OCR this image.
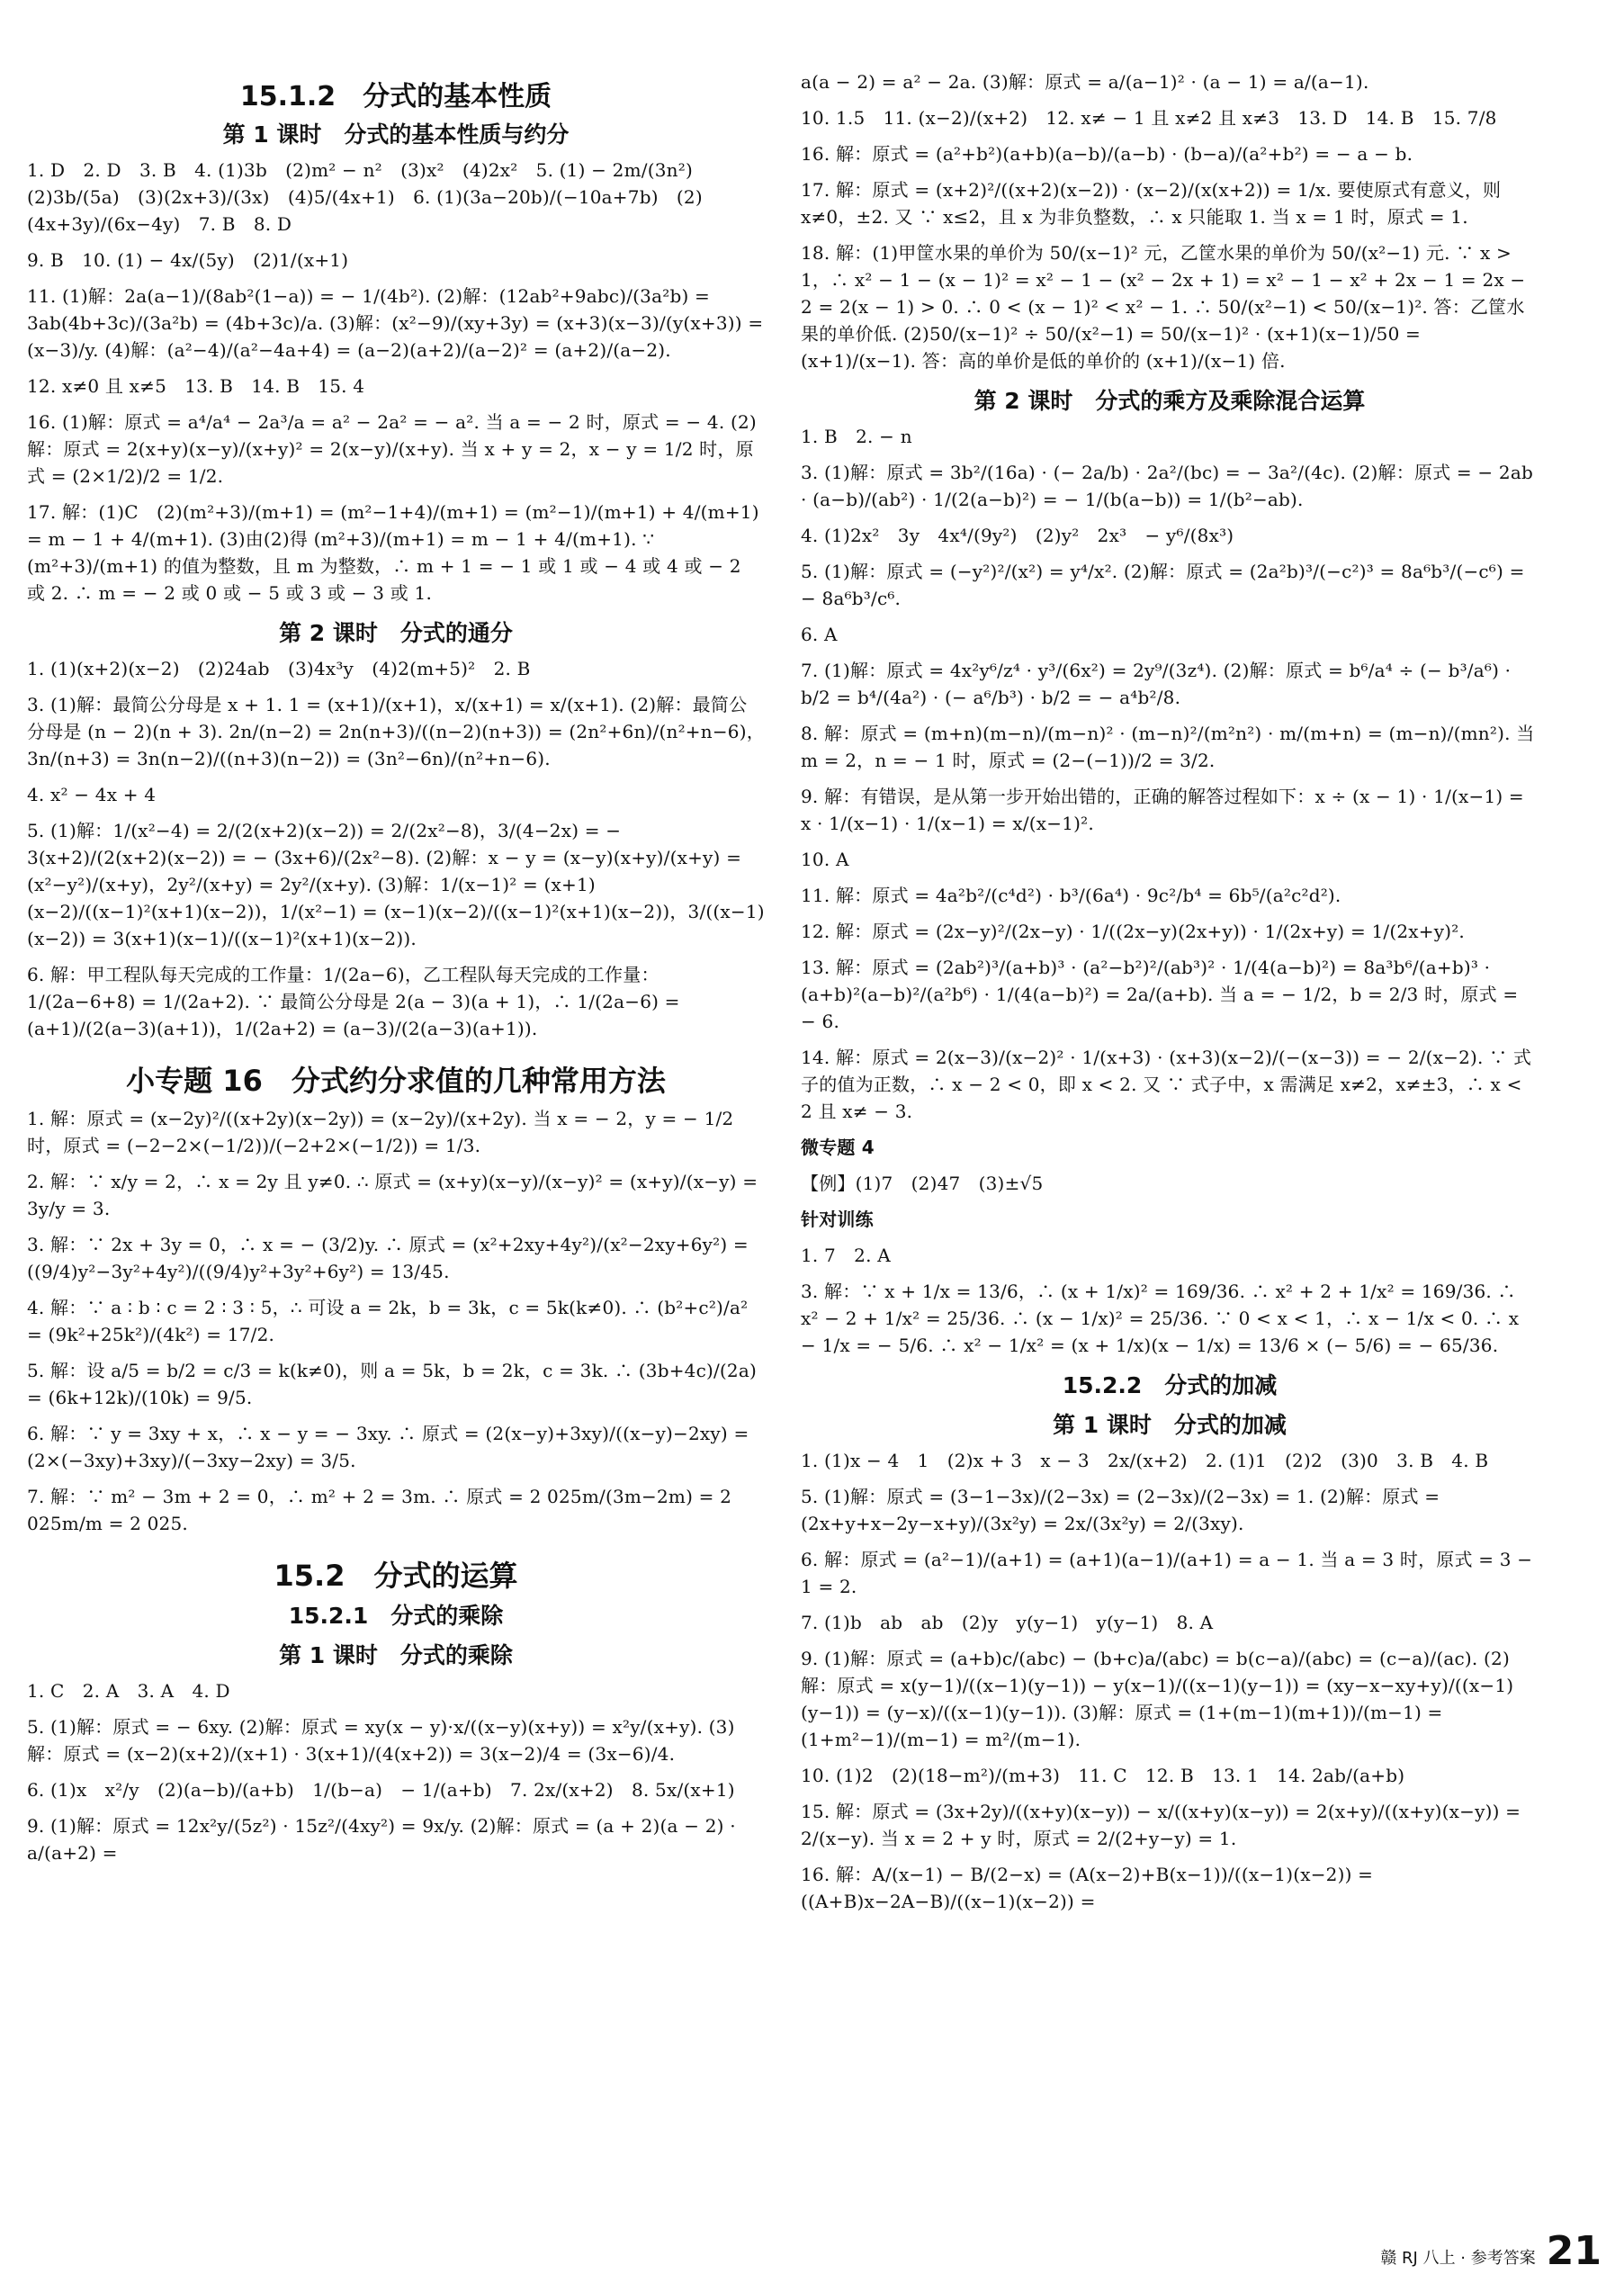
15.1.2　分式的基本性质
第 1 课时　分式的基本性质与约分
1. D　2. D　3. B　4. (1)3b　(2)m² − n²　(3)x²　(4)2x²　5. (1) − 2m/(3n²)　(2)3b/(5a)　(3)(2x+3)/(3x)　(4)5/(4x+1)　6. (1)(3a−20b)/(−10a+7b)　(2)(4x+3y)/(6x−4y)　7. B　8. D
9. B　10. (1) − 4x/(5y)　(2)1/(x+1)
11. (1)解：2a(a−1)/(8ab²(1−a)) = − 1/(4b²). (2)解：(12ab²+9abc)/(3a²b) = 3ab(4b+3c)/(3a²b) = (4b+3c)/a. (3)解：(x²−9)/(xy+3y) = (x+3)(x−3)/(y(x+3)) = (x−3)/y. (4)解：(a²−4)/(a²−4a+4) = (a−2)(a+2)/(a−2)² = (a+2)/(a−2).
12. x≠0 且 x≠5　13. B　14. B　15. 4
16. (1)解：原式 = a⁴/a⁴ − 2a³/a = a² − 2a² = − a². 当 a = − 2 时，原式 = − 4. (2)解：原式 = 2(x+y)(x−y)/(x+y)² = 2(x−y)/(x+y). 当 x + y = 2，x − y = 1/2 时，原式 = (2×1/2)/2 = 1/2.
17. 解：(1)C　(2)(m²+3)/(m+1) = (m²−1+4)/(m+1) = (m²−1)/(m+1) + 4/(m+1) = m − 1 + 4/(m+1). (3)由(2)得 (m²+3)/(m+1) = m − 1 + 4/(m+1). ∵ (m²+3)/(m+1) 的值为整数，且 m 为整数，∴ m + 1 = − 1 或 1 或 − 4 或 4 或 − 2 或 2. ∴ m = − 2 或 0 或 − 5 或 3 或 − 3 或 1.
第 2 课时　分式的通分
1. (1)(x+2)(x−2)　(2)24ab　(3)4x³y　(4)2(m+5)²　2. B
3. (1)解：最简公分母是 x + 1. 1 = (x+1)/(x+1)，x/(x+1) = x/(x+1). (2)解：最简公分母是 (n − 2)(n + 3). 2n/(n−2) = 2n(n+3)/((n−2)(n+3)) = (2n²+6n)/(n²+n−6)，3n/(n+3) = 3n(n−2)/((n+3)(n−2)) = (3n²−6n)/(n²+n−6).
4. x² − 4x + 4
5. (1)解：1/(x²−4) = 2/(2(x+2)(x−2)) = 2/(2x²−8)，3/(4−2x) = − 3(x+2)/(2(x+2)(x−2)) = − (3x+6)/(2x²−8). (2)解：x − y = (x−y)(x+y)/(x+y) = (x²−y²)/(x+y)，2y²/(x+y) = 2y²/(x+y). (3)解：1/(x−1)² = (x+1)(x−2)/((x−1)²(x+1)(x−2))，1/(x²−1) = (x−1)(x−2)/((x−1)²(x+1)(x−2))，3/((x−1)(x−2)) = 3(x+1)(x−1)/((x−1)²(x+1)(x−2)).
6. 解：甲工程队每天完成的工作量：1/(2a−6)，乙工程队每天完成的工作量：1/(2a−6+8) = 1/(2a+2). ∵ 最简公分母是 2(a − 3)(a + 1)，∴ 1/(2a−6) = (a+1)/(2(a−3)(a+1))，1/(2a+2) = (a−3)/(2(a−3)(a+1)).
小专题 16　分式约分求值的几种常用方法
1. 解：原式 = (x−2y)²/((x+2y)(x−2y)) = (x−2y)/(x+2y). 当 x = − 2，y = − 1/2 时，原式 = (−2−2×(−1/2))/(−2+2×(−1/2)) = 1/3.
2. 解：∵ x/y = 2，∴ x = 2y 且 y≠0. ∴ 原式 = (x+y)(x−y)/(x−y)² = (x+y)/(x−y) = 3y/y = 3.
3. 解：∵ 2x + 3y = 0，∴ x = − (3/2)y. ∴ 原式 = (x²+2xy+4y²)/(x²−2xy+6y²) = ((9/4)y²−3y²+4y²)/((9/4)y²+3y²+6y²) = 13/45.
4. 解：∵ a ∶ b ∶ c = 2 ∶ 3 ∶ 5，∴ 可设 a = 2k，b = 3k，c = 5k(k≠0). ∴ (b²+c²)/a² = (9k²+25k²)/(4k²) = 17/2.
5. 解：设 a/5 = b/2 = c/3 = k(k≠0)，则 a = 5k，b = 2k，c = 3k. ∴ (3b+4c)/(2a) = (6k+12k)/(10k) = 9/5.
6. 解：∵ y = 3xy + x，∴ x − y = − 3xy. ∴ 原式 = (2(x−y)+3xy)/((x−y)−2xy) = (2×(−3xy)+3xy)/(−3xy−2xy) = 3/5.
7. 解：∵ m² − 3m + 2 = 0，∴ m² + 2 = 3m. ∴ 原式 = 2 025m/(3m−2m) = 2 025m/m = 2 025.
15.2　分式的运算
15.2.1　分式的乘除
第 1 课时　分式的乘除
1. C　2. A　3. A　4. D
5. (1)解：原式 = − 6xy. (2)解：原式 = xy(x − y)·x/((x−y)(x+y)) = x²y/(x+y). (3)解：原式 = (x−2)(x+2)/(x+1) · 3(x+1)/(4(x+2)) = 3(x−2)/4 = (3x−6)/4.
6. (1)x　x²/y　(2)(a−b)/(a+b)　1/(b−a)　− 1/(a+b)　7. 2x/(x+2)　8. 5x/(x+1)
9. (1)解：原式 = 12x²y/(5z²) · 15z²/(4xy²) = 9x/y. (2)解：原式 = (a + 2)(a − 2) · a/(a+2) =
a(a − 2) = a² − 2a. (3)解：原式 = a/(a−1)² · (a − 1) = a/(a−1).
10. 1.5　11. (x−2)/(x+2)　12. x≠ − 1 且 x≠2 且 x≠3　13. D　14. B　15. 7/8
16. 解：原式 = (a²+b²)(a+b)(a−b)/(a−b) · (b−a)/(a²+b²) = − a − b.
17. 解：原式 = (x+2)²/((x+2)(x−2)) · (x−2)/(x(x+2)) = 1/x. 要使原式有意义，则 x≠0，±2. 又 ∵ x≤2，且 x 为非负整数，∴ x 只能取 1. 当 x = 1 时，原式 = 1.
18. 解：(1)甲筐水果的单价为 50/(x−1)² 元，乙筐水果的单价为 50/(x²−1) 元. ∵ x > 1，∴ x² − 1 − (x − 1)² = x² − 1 − (x² − 2x + 1) = x² − 1 − x² + 2x − 1 = 2x − 2 = 2(x − 1) > 0. ∴ 0 < (x − 1)² < x² − 1. ∴ 50/(x²−1) < 50/(x−1)². 答：乙筐水果的单价低. (2)50/(x−1)² ÷ 50/(x²−1) = 50/(x−1)² · (x+1)(x−1)/50 = (x+1)/(x−1). 答：高的单价是低的单价的 (x+1)/(x−1) 倍.
第 2 课时　分式的乘方及乘除混合运算
1. B　2. − n
3. (1)解：原式 = 3b²/(16a) · (− 2a/b) · 2a²/(bc) = − 3a²/(4c). (2)解：原式 = − 2ab · (a−b)/(ab²) · 1/(2(a−b)²) = − 1/(b(a−b)) = 1/(b²−ab).
4. (1)2x²　3y　4x⁴/(9y²)　(2)y²　2x³　− y⁶/(8x³)
5. (1)解：原式 = (−y²)²/(x²) = y⁴/x². (2)解：原式 = (2a²b)³/(−c²)³ = 8a⁶b³/(−c⁶) = − 8a⁶b³/c⁶.
6. A
7. (1)解：原式 = 4x²y⁶/z⁴ · y³/(6x²) = 2y⁹/(3z⁴). (2)解：原式 = b⁶/a⁴ ÷ (− b³/a⁶) · b/2 = b⁴/(4a²) · (− a⁶/b³) · b/2 = − a⁴b²/8.
8. 解：原式 = (m+n)(m−n)/(m−n)² · (m−n)²/(m²n²) · m/(m+n) = (m−n)/(mn²). 当 m = 2，n = − 1 时，原式 = (2−(−1))/2 = 3/2.
9. 解：有错误，是从第一步开始出错的，正确的解答过程如下：x ÷ (x − 1) · 1/(x−1) = x · 1/(x−1) · 1/(x−1) = x/(x−1)².
10. A
11. 解：原式 = 4a²b²/(c⁴d²) · b³/(6a⁴) · 9c²/b⁴ = 6b⁵/(a²c²d²).
12. 解：原式 = (2x−y)²/(2x−y) · 1/((2x−y)(2x+y)) · 1/(2x+y) = 1/(2x+y)².
13. 解：原式 = (2ab²)³/(a+b)³ · (a²−b²)²/(ab³)² · 1/(4(a−b)²) = 8a³b⁶/(a+b)³ · (a+b)²(a−b)²/(a²b⁶) · 1/(4(a−b)²) = 2a/(a+b). 当 a = − 1/2，b = 2/3 时，原式 = − 6.
14. 解：原式 = 2(x−3)/(x−2)² · 1/(x+3) · (x+3)(x−2)/(−(x−3)) = − 2/(x−2). ∵ 式子的值为正数，∴ x − 2 < 0，即 x < 2. 又 ∵ 式子中，x 需满足 x≠2，x≠±3，∴ x < 2 且 x≠ − 3.
微专题 4
【例】(1)7　(2)47　(3)±√5
针对训练
1. 7　2. A
3. 解：∵ x + 1/x = 13/6，∴ (x + 1/x)² = 169/36. ∴ x² + 2 + 1/x² = 169/36. ∴ x² − 2 + 1/x² = 25/36. ∴ (x − 1/x)² = 25/36. ∵ 0 < x < 1，∴ x − 1/x < 0. ∴ x − 1/x = − 5/6. ∴ x² − 1/x² = (x + 1/x)(x − 1/x) = 13/6 × (− 5/6) = − 65/36.
15.2.2　分式的加减
第 1 课时　分式的加减
1. (1)x − 4　1　(2)x + 3　x − 3　2x/(x+2)　2. (1)1　(2)2　(3)0　3. B　4. B
5. (1)解：原式 = (3−1−3x)/(2−3x) = (2−3x)/(2−3x) = 1. (2)解：原式 = (2x+y+x−2y−x+y)/(3x²y) = 2x/(3x²y) = 2/(3xy).
6. 解：原式 = (a²−1)/(a+1) = (a+1)(a−1)/(a+1) = a − 1. 当 a = 3 时，原式 = 3 − 1 = 2.
7. (1)b　ab　ab　(2)y　y(y−1)　y(y−1)　8. A
9. (1)解：原式 = (a+b)c/(abc) − (b+c)a/(abc) = b(c−a)/(abc) = (c−a)/(ac). (2)解：原式 = x(y−1)/((x−1)(y−1)) − y(x−1)/((x−1)(y−1)) = (xy−x−xy+y)/((x−1)(y−1)) = (y−x)/((x−1)(y−1)). (3)解：原式 = (1+(m−1)(m+1))/(m−1) = (1+m²−1)/(m−1) = m²/(m−1).
10. (1)2　(2)(18−m²)/(m+3)　11. C　12. B　13. 1　14. 2ab/(a+b)
15. 解：原式 = (3x+2y)/((x+y)(x−y)) − x/((x+y)(x−y)) = 2(x+y)/((x+y)(x−y)) = 2/(x−y). 当 x = 2 + y 时，原式 = 2/(2+y−y) = 1.
16. 解：A/(x−1) − B/(2−x) = (A(x−2)+B(x−1))/((x−1)(x−2)) = ((A+B)x−2A−B)/((x−1)(x−2)) =
赣 RJ 八上 · 参考答案 21
